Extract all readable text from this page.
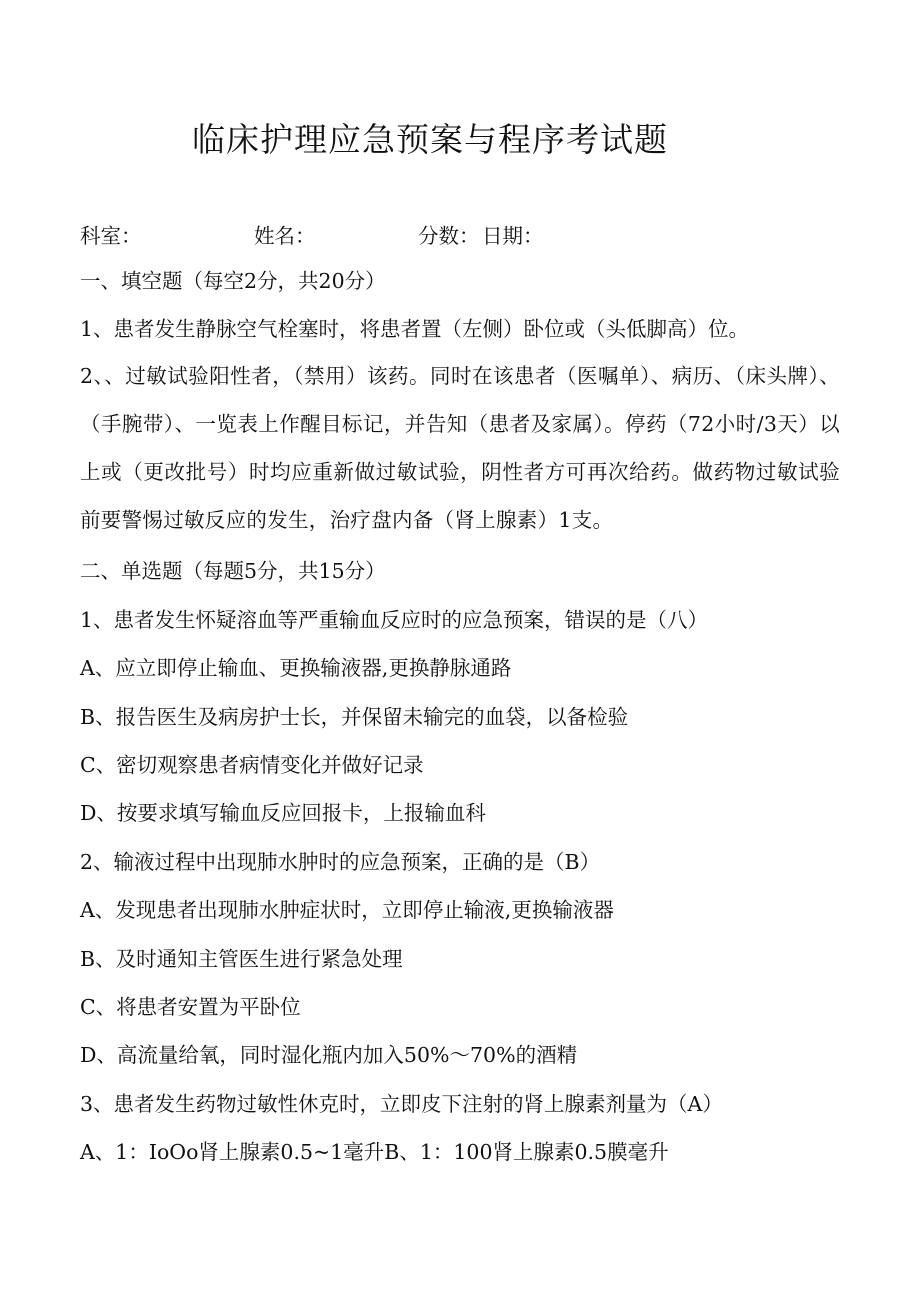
临床护理应急预案与程序考试题
科室：	姓名：	分数： 日期：
一、填空题（每空2分，共20分）
1、患者发生静脉空气栓塞时，将患者置（左侧）卧位或（头低脚高）位。
2、、过敏试验阳性者，（禁用）该药。同时在该患者（医嘱单）、病历、（床头牌）、（手腕带）、一览表上作醒目标记，并告知（患者及家属）。停药（72小时/3天）以上或（更改批号）时均应重新做过敏试验，阴性者方可再次给药。做药物过敏试验前要警惕过敏反应的发生，治疗盘内备（肾上腺素）1支。
二、单选题（每题5分，共15分）
1、患者发生怀疑溶血等严重输血反应时的应急预案，错误的是（八）
A、应立即停止输血、更换输液器,更换静脉通路
B、报告医生及病房护士长，并保留未输完的血袋，以备检验
C、密切观察患者病情变化并做好记录
D、按要求填写输血反应回报卡，上报输血科
2、输液过程中出现肺水肿时的应急预案，正确的是（B）
A、发现患者出现肺水肿症状时，立即停止输液,更换输液器
B、及时通知主管医生进行紧急处理
C、将患者安置为平卧位
D、高流量给氧，同时湿化瓶内加入50%～70%的酒精
3、患者发生药物过敏性休克时，立即皮下注射的肾上腺素剂量为（A）
A、1：IoOo肾上腺素0.5~1毫升B、1：100肾上腺素0.5膜毫升
